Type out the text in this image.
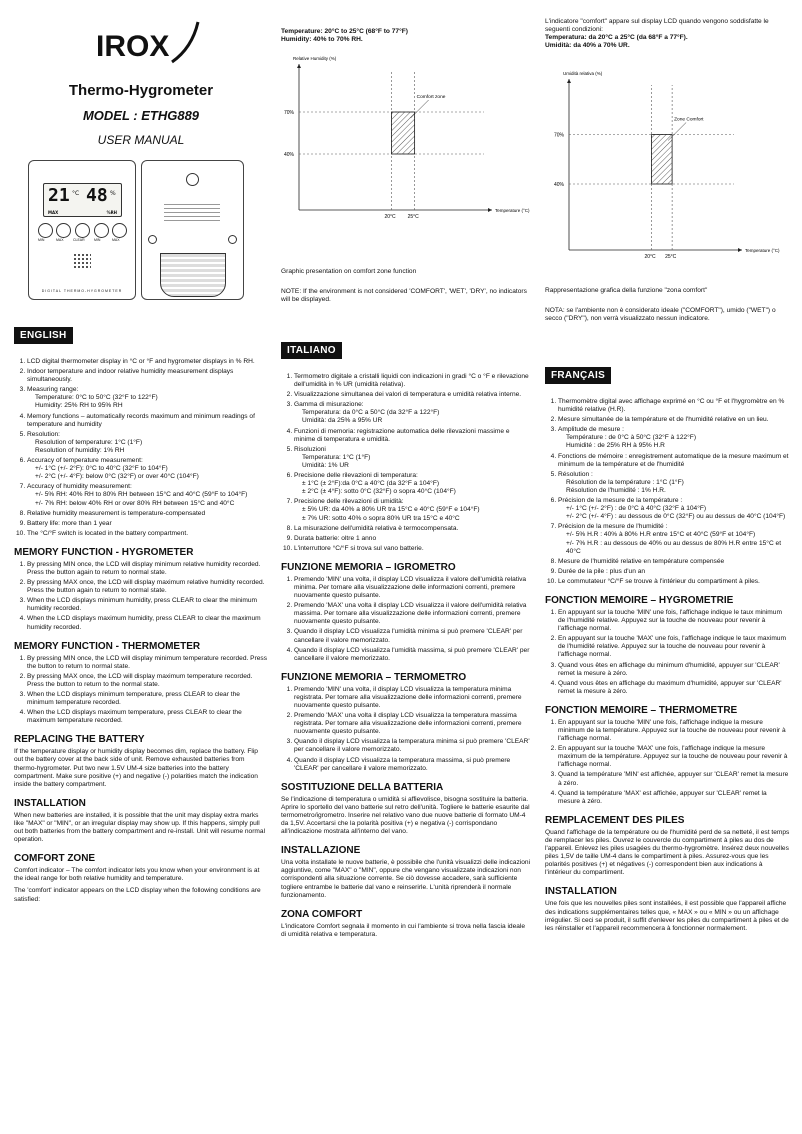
IROX
Thermo-Hygrometer
MODEL : ETHG889
USER MANUAL
21 °C 48 %
MAX	%RH
MIN	MAX	CLEAR	MIN	MAX
DIGITAL THERMO-HYGROMETER
ENGLISH
1. LCD digital thermometer display in °C or °F and hygrometer displays in % RH.
2. Indoor temperature and indoor relative humidity measurement displays simultaneously.
3. Measuring range:
Temperature: 0°C to 50°C (32°F to 122°F)
Humidity: 25% RH to 95% RH
4. Memory functions – automatically records maximum and minimum readings of temperature and humidity
5. Resolution:
Resolution of temperature: 1°C (1°F)
Resolution of humidity: 1% RH
6. Accuracy of temperature measurement:
+/- 1°C (+/- 2°F): 0°C to 40°C (32°F to 104°F)
+/- 2°C (+/- 4°F): below 0°C (32°F) or over 40°C (104°F)
7. Accuracy of humidity measurement:
+/- 5% RH: 40% RH to 80% RH between 15°C and 40°C (59°F to 104°F)
+/- 7% RH: below 40% RH or over 80% RH between 15°C and 40°C
8. Relative humidity measurement is temperature-compensated
9. Battery life: more than 1 year
10. The °C/°F switch is located in the battery compartment.
MEMORY FUNCTION - HYGROMETER
1. By pressing MIN once, the LCD will display minimum relative humidity recorded. Press the button again to return to normal state.
2. By pressing MAX once, the LCD will display maximum relative humidity recorded. Press the button again to return to normal state.
3. When the LCD displays minimum humidity, press CLEAR to clear the minimum humidity recorded.
4. When the LCD displays maximum humidity, press CLEAR to clear the maximum humidity recorded.
MEMORY FUNCTION - THERMOMETER
1. By pressing MIN once, the LCD will display minimum temperature recorded. Press the button to return to normal state.
2. By pressing MAX once, the LCD will display maximum temperature recorded. Press the button to return to the normal state.
3. When the LCD displays minimum temperature, press CLEAR to clear the minimum temperature recorded.
4. When the LCD displays maximum temperature, press CLEAR to clear the maximum temperature recorded.
REPLACING THE BATTERY

If the temperature display or humidity display becomes dim, replace the battery. Flip out the battery cover at the back side of unit. Remove exhausted batteries from thermo-hygrometer. Put two new 1.5V UM-4 size batteries into the battery compartment. Make sure positive (+) and negative (-) polarities match the indication inside the battery compartment.

INSTALLATION

When new batteries are installed, it is possible that the unit may display extra marks like "MAX" or "MIN", or an irregular display may show up. If this happens, simply pull out both batteries from the battery compartment and re-install. Unit will resume normal operation.

COMFORT ZONE

Comfort indicator – The comfort indicator lets you know when your environment is at the ideal range for both relative humidity and temperature.

The 'comfort' indicator appears on the LCD display when the following conditions are satisfied:

Temperature: 20°C to 25°C (68°F to 77°F)

Humidity: 40% to 70% RH.

Relative Humidity (%)
Temperature (°C)
20°C 25°C
70%
40%
Comfort zone

Graphic presentation on comfort zone function

NOTE: If the environment is not considered 'COMFORT', 'WET', 'DRY', no indicators will be displayed.

ITALIANO
1. Termometro digitale a cristalli liquidi con indicazioni in gradi °C o °F e rilevazione dell'umidità in % UR (umidità relativa).
2. Visualizzazione simultanea dei valori di temperatura e umidità relativa interne.
3. Gamma di misurazione:
Temperatura: da 0°C a 50°C (da 32°F a 122°F)
Umidità: da 25% a 95% UR
4. Funzioni di memoria: registrazione automatica delle rilevazioni massime e minime di temperatura e umidità.
5. Risoluzioni
Temperatura: 1°C (1°F)
Umidità: 1% UR
6. Precisione delle rilevazioni di temperatura:
± 1°C (± 2°F):da 0°C a 40°C (da 32°F a 104°F)
± 2°C (± 4°F): sotto 0°C (32°F) o sopra 40°C (104°F)
7. Precisione delle rilevazioni di umidità:
± 5% UR: da 40% a 80% UR tra 15°C e 40°C (59°F e 104°F)
± 7% UR: sotto 40% o sopra 80% UR tra 15°C e 40°C
8. La misurazione dell'umidità relativa è termocompensata.
9. Durata batterie: oltre 1 anno
10. L'interruttore °C/°F si trova sul vano batterie.
FUNZIONE MEMORIA – IGROMETRO
1. Premendo 'MIN' una volta, il display LCD visualizza il valore dell'umidità relativa minima. Per tornare alla visualizzazione delle informazioni correnti, premere nuovamente questo pulsante.
2. Premendo 'MAX' una volta il display LCD visualizza il valore dell'umidità relativa massima. Per tornare alla visualizzazione delle informazioni correnti, premere nuovamente questo pulsante.
3. Quando il display LCD visualizza l'umidità minima si può premere 'CLEAR' per cancellare il valore memorizzato.
4. Quando il display LCD visualizza l'umidità massima, si può premere 'CLEAR' per cancellare il valore memorizzato.
FUNZIONE MEMORIA – TERMOMETRO
1. Premendo 'MIN' una volta, il display LCD visualizza la temperatura minima registrata. Per tornare alla visualizzazione delle informazioni correnti, premere nuovamente questo pulsante.
2. Premendo 'MAX' una volta il display LCD visualizza la temperatura massima registrata. Per tornare alla visualizzazione delle informazioni correnti, premere nuovamente questo pulsante.
3. Quando il display LCD visualizza la temperatura minima si può premere 'CLEAR' per cancellare il valore memorizzato.
4. Quando il display LCD visualizza la temperatura massima, si può premere 'CLEAR' per cancellare il valore memorizzato.
SOSTITUZIONE DELLA BATTERIA

Se l'indicazione di temperatura o umidità si affievolisce, bisogna sostituire la batteria. Aprire lo sportello del vano batterie sul retro dell'unità. Togliere le batterie esaurite dal termometro/igrometro. Inserire nel relativo vano due nuove batterie di formato UM-4 da 1,5V. Accertarsi che la polarità positiva (+) e negativa (-) corrispondano all'indicazione mostrata all'interno del vano.

INSTALLAZIONE

Una volta installate le nuove batterie, è possibile che l'unità visualizzi delle indicazioni aggiuntive, come "MAX" o "MIN", oppure che vengano visualizzate indicazioni non corrispondenti alla situazione corrente. Se ciò dovesse accadere, sarà sufficiente togliere entrambe le batterie dal vano e reinserirle. L'unità riprenderà il normale funzionamento.

ZONA COMFORT

L'indicatore Comfort segnala il momento in cui l'ambiente si trova nella fascia ideale di umidità relativa e temperatura.

L'indicatore "comfort" appare sul display LCD quando vengono soddisfatte le seguenti condizioni:

Temperatura: da 20°C a 25°C (da 68°F a 77°F).

Umidità: da 40% a 70% UR.

Umidità relativa (%)
Temperature (°C)
20°C 25°C
70%
40%
Zone Comfort

Rappresentazione grafica della funzione "zona comfort"

NOTA: se l'ambiente non è considerato ideale ("COMFORT"), umido ("WET") o secco ("DRY"), non verrà visualizzato nessun indicatore.

FRANÇAIS
1. Thermomètre digital avec affichage exprimé en °C ou °F et l'hygromètre en % humidité relative (H.R).
2. Mesure simultanée de la température et de l'humidité relative en un lieu.
3. Amplitude de mesure :
Température : de 0°C à 50°C (32°F à 122°F)
Humidité : de 25% RH à 95% H.R
4. Fonctions de mémoire : enregistrement automatique de la mesure maximum et minimum de la température et de l'humidité
5. Résolution :
Résolution de la température : 1°C (1°F)
Résolution de l'humidité : 1% H.R.
6. Précision de la mesure de la température :
+/- 1°C (+/- 2°F) : de 0°C à 40°C (32°F à 104°F)
+/- 2°C (+/- 4°F) : au dessous de 0°C (32°F) ou au dessus de 40°C (104°F)
7. Précision de la mesure de l'humidité :
+/- 5% H.R : 40% à 80% H.R entre 15°C et 40°C (59°F et 104°F)
+/- 7% H.R : au dessous de 40% ou au dessus de 80% H.R entre 15°C et 40°C
8. Mesure de l'humidité relative en température compensée
9. Durée de la pile : plus d'un an
10. Le commutateur °C/°F se trouve à l'intérieur du compartiment à piles.
FONCTION MEMOIRE – HYGROMETRIE
1. En appuyant sur la touche 'MIN' une fois, l'affichage indique le taux minimum de l'humidité relative. Appuyez sur la touche de nouveau pour revenir à l'affichage normal.
2. En appuyant sur la touche 'MAX' une fois, l'affichage indique le taux maximum de l'humidité relative. Appuyez sur la touche de nouveau pour revenir à l'affichage normal.
3. Quand vous êtes en affichage du minimum d'humidité, appuyer sur 'CLEAR' remet la mesure à zéro.
4. Quand vous êtes en affichage du maximum d'humidité, appuyer sur 'CLEAR' remet la mesure à zéro.
FONCTION MEMOIRE – THERMOMETRE
1. En appuyant sur la touche 'MIN' une fois, l'affichage indique la mesure minimum de la température. Appuyez sur la touche de nouveau pour revenir à l'affichage normal.
2. En appuyant sur la touche 'MAX' une fois, l'affichage indique la mesure maximum de la température. Appuyez sur la touche de nouveau pour revenir à l'affichage normal.
3. Quand la température 'MIN' est affichée, appuyer sur 'CLEAR' remet la mesure à zéro.
4. Quand la température 'MAX' est affichée, appuyer sur 'CLEAR' remet la mesure à zéro.
REMPLACEMENT DES PILES

Quand l'affichage de la température ou de l'humidité perd de sa netteté, il est temps de remplacer les piles. Ouvrez le couvercle du compartiment à piles au dos de l'appareil. Enlevez les piles usagées du thermo-hygromètre. Insérez deux nouvelles piles 1,5V de taille UM-4 dans le compartiment à piles. Assurez-vous que les polarités positives (+) et négatives (-) correspondent bien aux indications à l'intérieur du compartiment.

INSTALLATION

Une fois que les nouvelles piles sont installées, il est possible que l'appareil affiche des indications supplémentaires telles que, « MAX » ou « MIN » ou un affichage irrégulier. Si ceci se produit, il suffit d'enlever les piles du compartiment à piles et de les réinstaller et l'appareil recommencera à fonctionner normalement.
